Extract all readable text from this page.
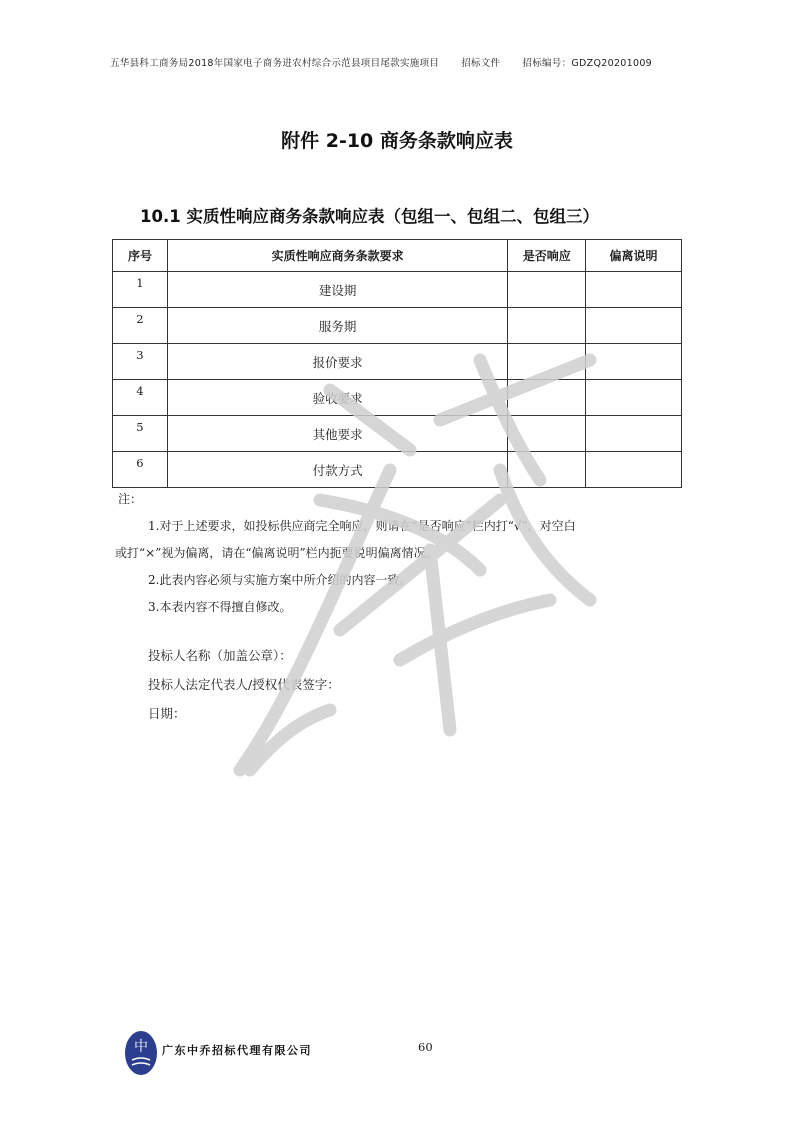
五华县科工商务局2018年国家电子商务进农村综合示范县项目尾款实施项目 招标文件 招标编号：GDZQ20201009
附件 2-10 商务条款响应表
10.1 实质性响应商务条款响应表（包组一、包组二、包组三）
序号	实质性响应商务条款要求	是否响应	偏离说明
1	建设期		
2	服务期		
3	报价要求		
4	验收要求		
5	其他要求		
6	付款方式		

注：

1.对于上述要求，如投标供应商完全响应，则请在“是否响应”栏内打“√”，对空白

或打“×”视为偏离，请在“偏离说明”栏内扼要说明偏离情况。

2.此表内容必须与实施方案中所介绍的内容一致。

3.本表内容不得擅自修改。

投标人名称（加盖公章）：

投标人法定代表人/授权代表签字：

日期：

中 广东中乔招标代理有限公司	60
